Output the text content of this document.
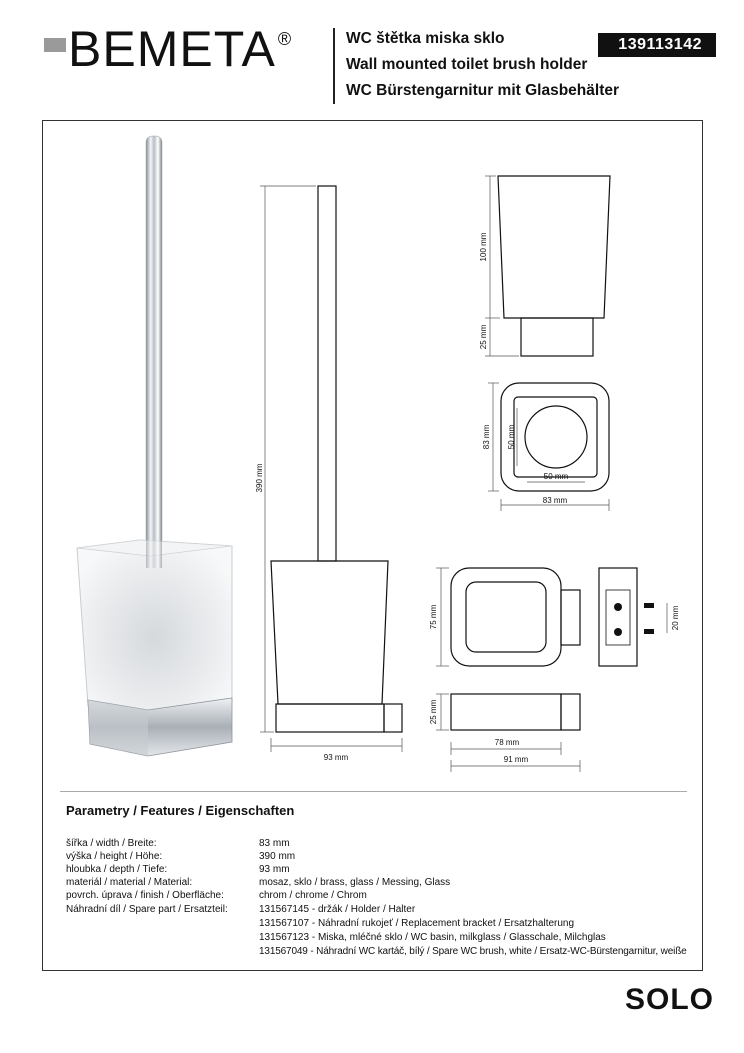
BEMETA ®	WC štětka miska sklo
Wall mounted toilet brush holder
WC Bürstengarnitur mit Glasbehälter
139113142
390 mm
93 mm
100 mm
25 mm
83 mm 50 mm
50 mm
83 mm
75 mm
25 mm
78 mm
91 mm
20 mm
Parametry / Features / Eigenschaften
šířka / width / Breite:	83 mm
výška / height / Höhe:	390 mm
hloubka / depth / Tiefe:	93 mm
materiál / material / Material:	mosaz, sklo / brass, glass / Messing, Glass
povrch. úprava / finish / Oberfläche:	chrom / chrome / Chrom
Náhradní díl / Spare part / Ersatzteil:	131567145 - držák / Holder / Halter
131567107 - Náhradní rukojeť / Replacement bracket / Ersatzhalterung
131567123 - Miska, mléčné sklo / WC basin, milkglass / Glasschale, Milchglas
131567049 - Náhradní WC kartáč, bílý / Spare WC brush, white / Ersatz-WC-Bürstengarnitur, weiße
SOLO
